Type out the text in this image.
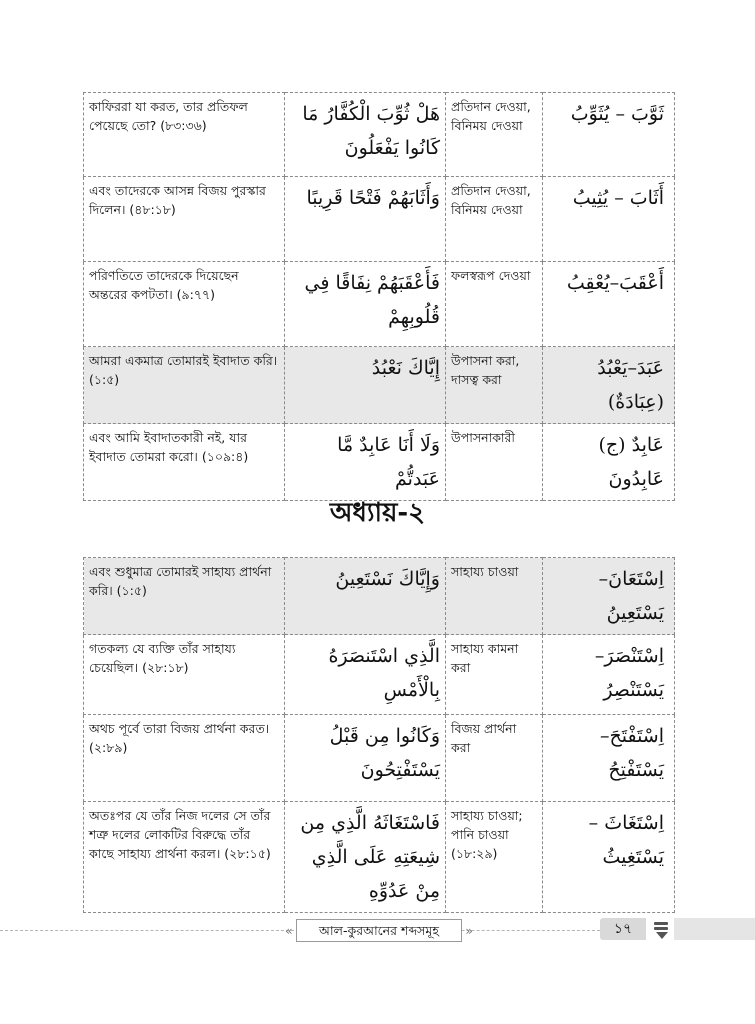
কাফিররা যা করত, তার প্রতিফল পেয়েছে তো? (৮৩:৩৬)	هَلْ ثُوِّبَ الْكُفَّارُ مَا كَانُوا يَفْعَلُونَ	প্রতিদান দেওয়া, বিনিময় দেওয়া	ثَوَّبَ – يُثَوِّبُ
এবং তাদেরকে আসন্ন বিজয় পুরস্কার দিলেন। (৪৮:১৮)	وَأَثَابَهُمْ فَتْحًا قَرِيبًا	প্রতিদান দেওয়া, বিনিময় দেওয়া	أَثَابَ – يُثِيبُ
পরিণতিতে তাদেরকে দিয়েছেন অন্তরের কপটতা। (৯:৭৭)	فَأَعْقَبَهُمْ نِفَاقًا فِي قُلُوبِهِمْ	ফলস্বরূপ দেওয়া	أَعْقَبَ–يُعْقِبُ
আমরা একমাত্র তোমারই ইবাদাত করি। (১:৫)	إِيَّاكَ نَعْبُدُ	উপাসনা করা, দাসত্ব করা	عَبَدَ–يَعْبُدُ (عِبَادَةٌ)
এবং আমি ইবাদাতকারী নই, যার ইবাদাত তোমরা করো। (১০৯:৪)	وَلَا أَنَا عَابِدٌ مَّا عَبَدتُّمْ	উপাসনাকারী	عَابِدٌ (ج) عَابِدُونَ
অধ্যায়-২
এবং শুধুমাত্র তোমারই সাহায্য প্রার্থনা করি। (১:৫)	وَإِيَّاكَ نَسْتَعِينُ	সাহায্য চাওয়া	اِسْتَعَانَ–يَسْتَعِينُ
গতকল্য যে ব্যক্তি তাঁর সাহায্য চেয়েছিল। (২৮:১৮)	الَّذِي اسْتَنصَرَهُ بِالْأَمْسِ	সাহায্য কামনা করা	اِسْتَنْصَرَ–يَسْتَنْصِرُ
অথচ পূর্বে তারা বিজয় প্রার্থনা করত। (২:৮৯)	وَكَانُوا مِن قَبْلُ يَسْتَفْتِحُونَ	বিজয় প্রার্থনা করা	اِسْتَفْتَحَ–يَسْتَفْتِحُ
অতঃপর যে তাঁর নিজ দলের সে তাঁর শত্রু দলের লোকটির বিরুদ্ধে তাঁর কাছে সাহায্য প্রার্থনা করল। (২৮:১৫)	فَاسْتَغَاثَهُ الَّذِي مِن شِيعَتِهِ عَلَى الَّذِي مِنْ عَدُوِّهِ	সাহায্য চাওয়া; পানি চাওয়া (১৮:২৯)	اِسْتَغَاثَ – يَسْتَغِيثُ
« আল-কুরআনের শব্দসমূহ »	১৭
